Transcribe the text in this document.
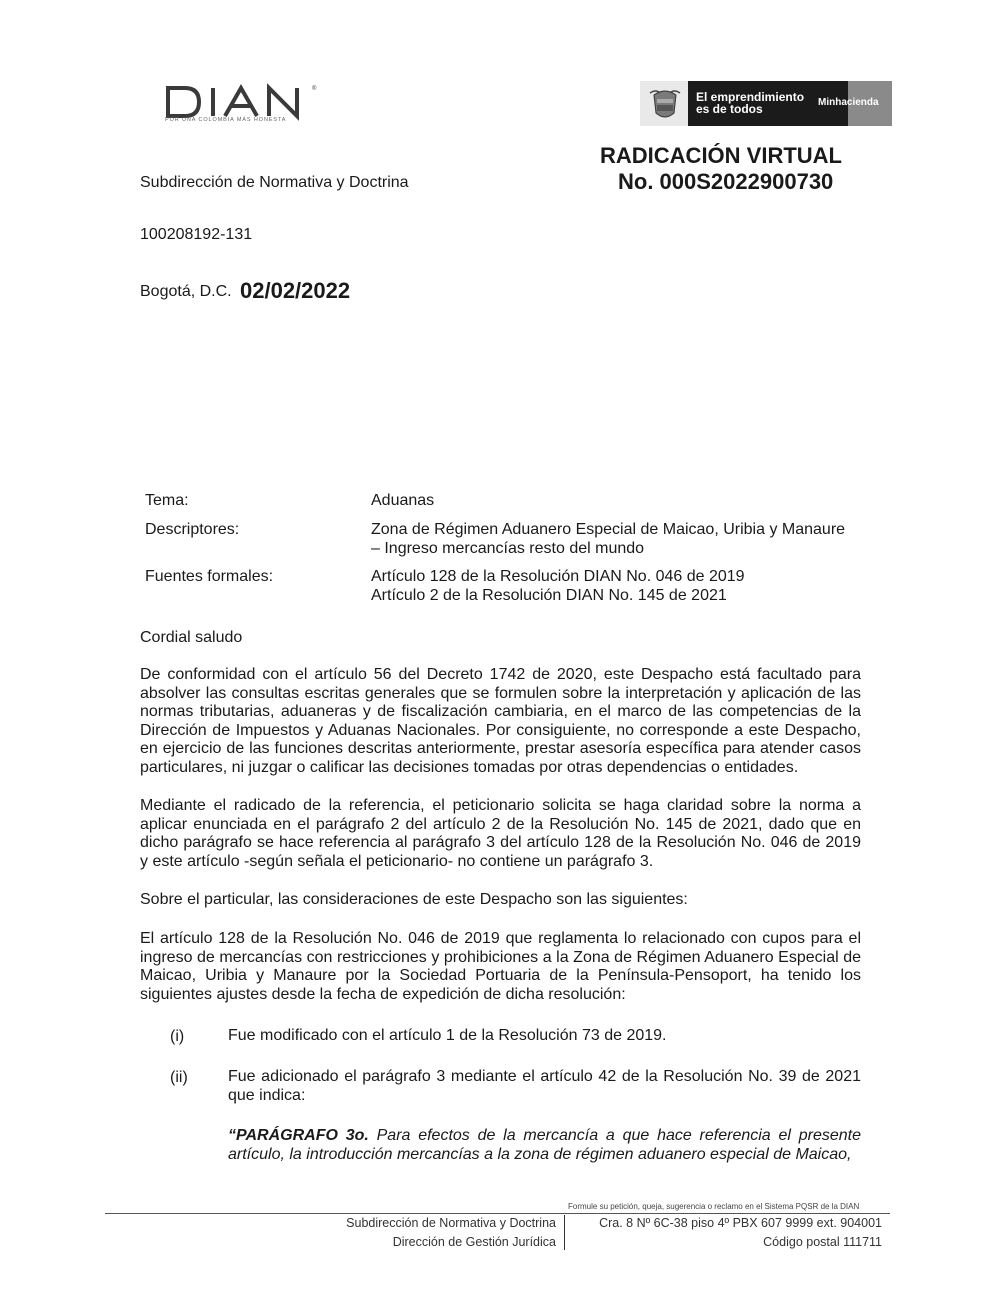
®
POR UNA COLOMBIA MÁS HONESTA
El emprendimiento
es de todos	Minhacienda
RADICACIÓN VIRTUAL
No. 000S2022900730
Subdirección de Normativa y Doctrina
100208192-131
Bogotá, D.C. 02/02/2022
Tema:	Aduanas
Descriptores:	Zona de Régimen Aduanero Especial de Maicao, Uribia y Manaure
– Ingreso mercancías resto del mundo
Fuentes formales:	Artículo 128 de la Resolución DIAN No. 046 de 2019
Artículo 2 de la Resolución DIAN No. 145 de 2021
Cordial saludo
De conformidad con el artículo 56 del Decreto 1742 de 2020, este Despacho está facultado para absolver las consultas escritas generales que se formulen sobre la interpretación y aplicación de las normas tributarias, aduaneras y de fiscalización cambiaria, en el marco de las competencias de la Dirección de Impuestos y Aduanas Nacionales. Por consiguiente, no corresponde a este Despacho, en ejercicio de las funciones descritas anteriormente, prestar asesoría específica para atender casos particulares, ni juzgar o calificar las decisiones tomadas por otras dependencias o entidades.
Mediante el radicado de la referencia, el peticionario solicita se haga claridad sobre la norma a aplicar enunciada en el parágrafo 2 del artículo 2 de la Resolución No. 145 de 2021, dado que en dicho parágrafo se hace referencia al parágrafo 3 del artículo 128 de la Resolución No. 046 de 2019 y este artículo -según señala el peticionario- no contiene un parágrafo 3.
Sobre el particular, las consideraciones de este Despacho son las siguientes:
El artículo 128 de la Resolución No. 046 de 2019 que reglamenta lo relacionado con cupos para el ingreso de mercancías con restricciones y prohibiciones a la Zona de Régimen Aduanero Especial de Maicao, Uribia y Manaure por la Sociedad Portuaria de la Península-Pensoport, ha tenido los siguientes ajustes desde la fecha de expedición de dicha resolución:
(i)	Fue modificado con el artículo 1 de la Resolución 73 de 2019.
(ii)	Fue adicionado el parágrafo 3 mediante el artículo 42 de la Resolución No. 39 de 2021 que indica:
“PARÁGRAFO 3o. Para efectos de la mercancía a que hace referencia el presente artículo, la introducción mercancías a la zona de régimen aduanero especial de Maicao,
Formule su petición, queja, sugerencia o reclamo en el Sistema PQSR de la DIAN
Subdirección de Normativa y Doctrina
Dirección de Gestión Jurídica
Cra. 8 Nº 6C-38 piso 4º PBX 607 9999 ext. 904001
Código postal 111711
